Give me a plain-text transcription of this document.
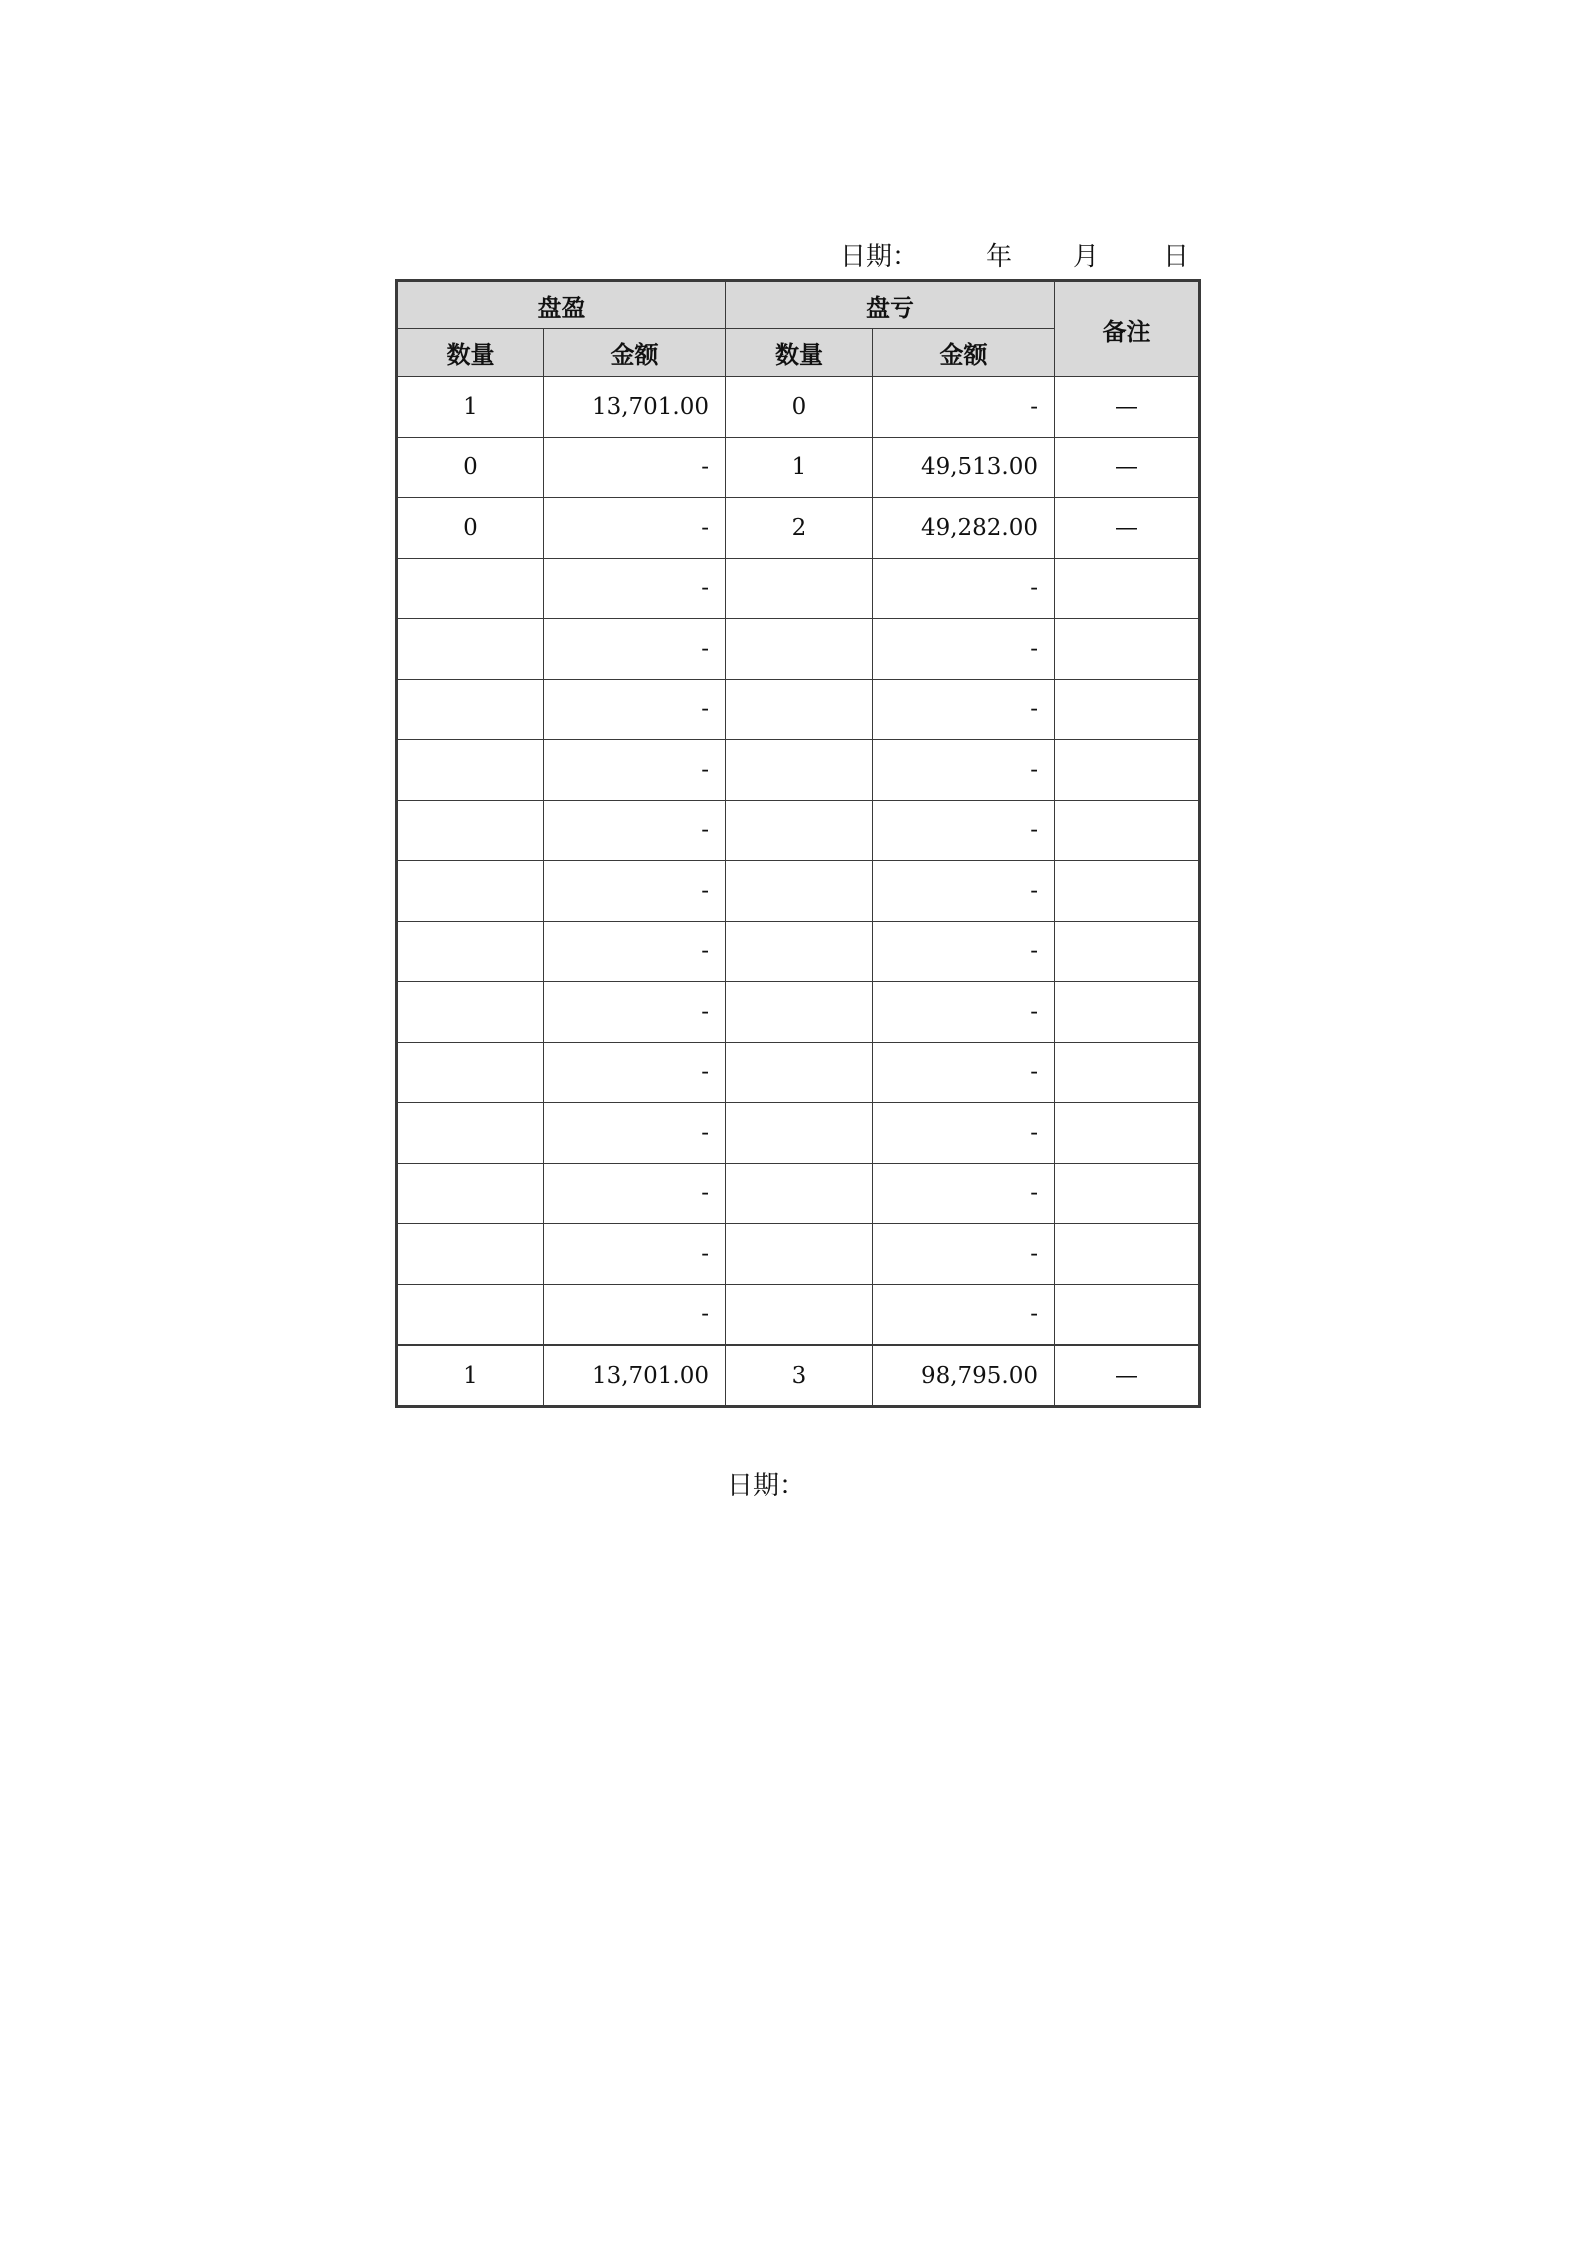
日期：	年 月 日
盘盈		盘亏		备注
数量	金额	数量	金额	
1	13,701.00	0	-	—
0	-	1	49,513.00	—
0	-	2	49,282.00	—
	-		-	
	-		-	
	-		-	
	-		-	
	-		-	
	-		-	
	-		-	
	-		-	
	-		-	
	-		-	
	-		-	
	-		-	
	-		-	
1	13,701.00	3	98,795.00	—
日期：
